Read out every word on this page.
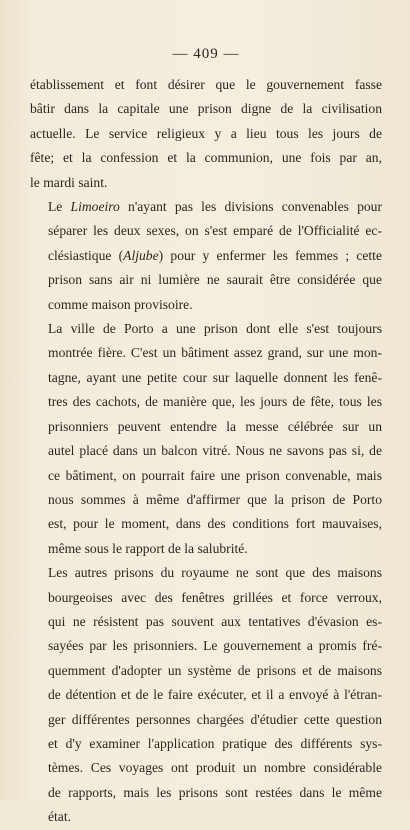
— 409 —

établissement et font désirer que le gouvernement fasse
bâtir dans la capitale une prison digne de la civilisation
actuelle. Le service religieux y a lieu tous les jours de
fête; et la confession et la communion, une fois par an,
le mardi saint.

Le Limoeiro n'ayant pas les divisions convenables pour
séparer les deux sexes, on s'est emparé de l'Officialité ec-
clésiastique (Aljube) pour y enfermer les femmes ; cette
prison sans air ni lumière ne saurait être considérée que
comme maison provisoire.

La ville de Porto a une prison dont elle s'est toujours
montrée fière. C'est un bâtiment assez grand, sur une mon-
tagne, ayant une petite cour sur laquelle donnent les fenê-
tres des cachots, de manière que, les jours de fête, tous les
prisonniers peuvent entendre la messe célébrée sur un
autel placé dans un balcon vitré. Nous ne savons pas si, de
ce bâtiment, on pourrait faire une prison convenable, mais
nous sommes à même d'affirmer que la prison de Porto
est, pour le moment, dans des conditions fort mauvaises,
même sous le rapport de la salubrité.

Les autres prisons du royaume ne sont que des maisons
bourgeoises avec des fenêtres grillées et force verroux,
qui ne résistent pas souvent aux tentatives d'évasion es-
sayées par les prisonniers. Le gouvernement a promis fré-
quemment d'adopter un système de prisons et de maisons
de détention et de le faire exécuter, et il a envoyé à l'étran-
ger différentes personnes chargées d'étudier cette question
et d'y examiner l'application pratique des différents sys-
tèmes. Ces voyages ont produit un nombre considérable
de rapports, mais les prisons sont restées dans le même
état.
